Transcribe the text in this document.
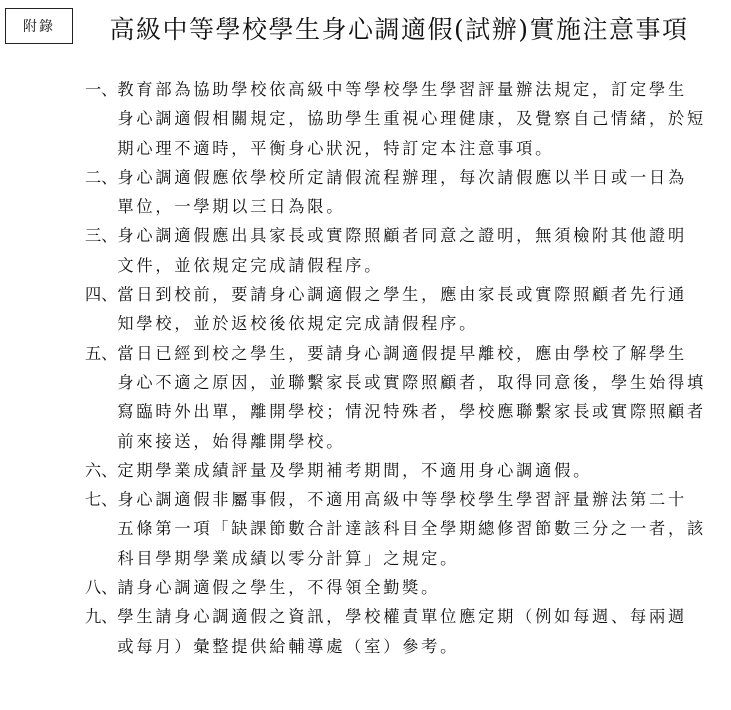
附錄	高級中等學校學生身心調適假(試辦)實施注意事項
一、 教育部為協助學校依高級中等學校學生學習評量辦法規定，訂定學生
身心調適假相關規定，協助學生重視心理健康，及覺察自己情緒，於短
期心理不適時，平衡身心狀況，特訂定本注意事項。
二、 身心調適假應依學校所定請假流程辦理，每次請假應以半日或一日為
單位，一學期以三日為限。
三、 身心調適假應出具家長或實際照顧者同意之證明，無須檢附其他證明
文件，並依規定完成請假程序。
四、 當日到校前，要請身心調適假之學生，應由家長或實際照顧者先行通
知學校，並於返校後依規定完成請假程序。
五、 當日已經到校之學生，要請身心調適假提早離校，應由學校了解學生
身心不適之原因，並聯繫家長或實際照顧者，取得同意後，學生始得填
寫臨時外出單，離開學校；情況特殊者，學校應聯繫家長或實際照顧者
前來接送，始得離開學校。
六、 定期學業成績評量及學期補考期間，不適用身心調適假。
七、 身心調適假非屬事假，不適用高級中等學校學生學習評量辦法第二十
五條第一項「缺課節數合計達該科目全學期總修習節數三分之一者，該
科目學期學業成績以零分計算」之規定。
八、 請身心調適假之學生，不得領全勤獎。
九、 學生請身心調適假之資訊，學校權責單位應定期（例如每週、每兩週
或每月）彙整提供給輔導處（室）參考。
